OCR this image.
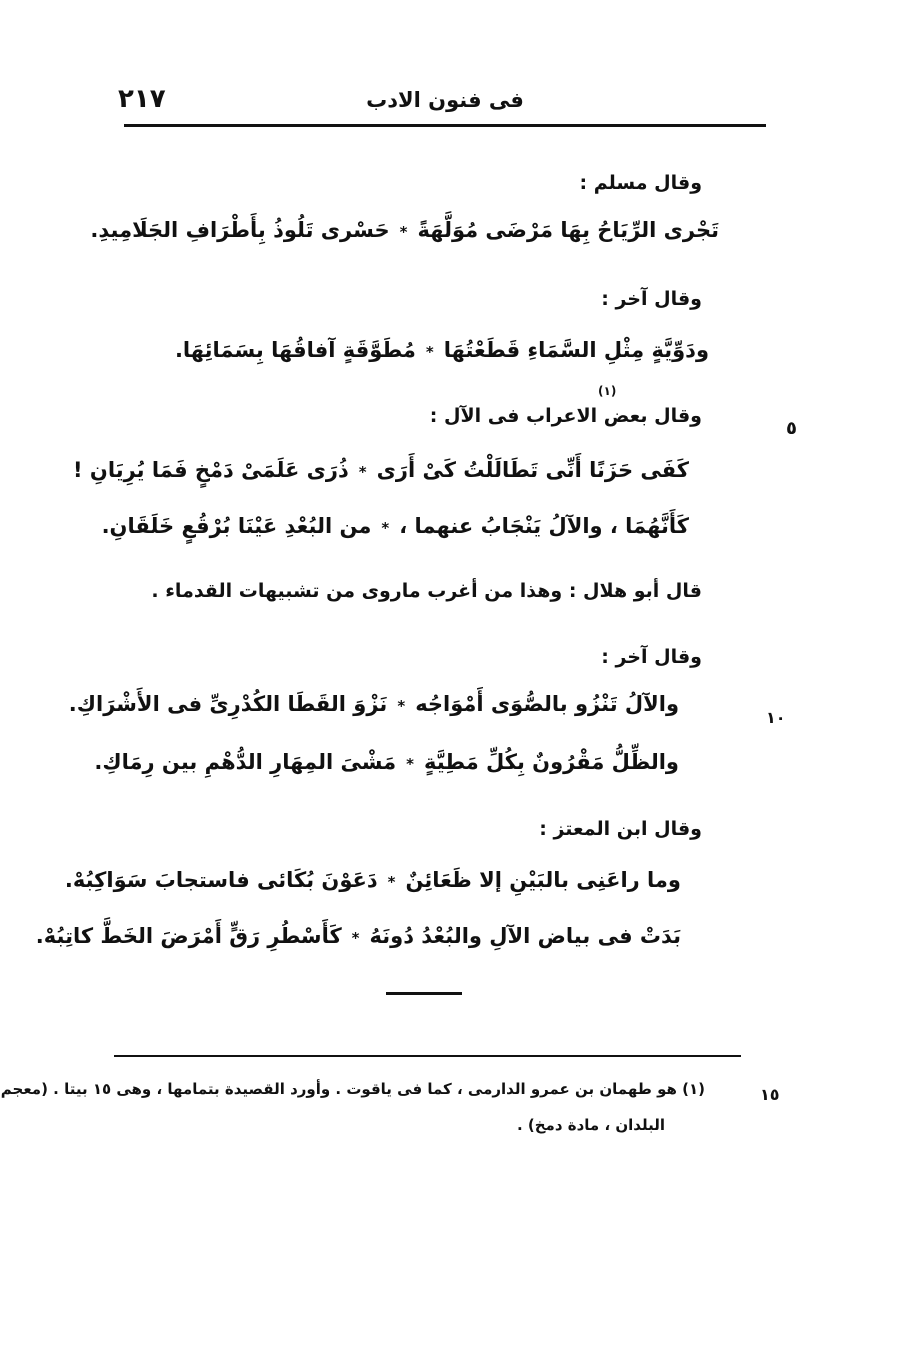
فى فنون الادب
٢١٧
وقال مسلم :
تَجْرى الرِّيَاحُ بِهَا مَرْضَى مُوَلَّهَةً*حَسْرى تَلُوذُ بِأَطْرَافِ الجَلَامِيدِ.
وقال آخر :
ودَوِّيَّةٍ مِثْلِ السَّمَاءِ قَطَعْتُهَا*مُطَوَّقَةٍ آفاقُهَا بِسَمَائِهَا.
(١)
وقال بعض الاعراب فى الآل :
٥
كَفَى حَزَنًا أَنِّى تَطَالَلْتُ كَىْ أَرَى*ذُرَى عَلَمَىْ دَمْخٍ فَمَا يُرِيَانِ !
كَأَنَّهُمَا ، والآلُ يَنْجَابُ عنهما ،*من البُعْدِ عَيْنَا بُرْقُعٍ خَلَقَانِ.
قال أبو هلال : وهذا من أغرب ماروى من تشبيهات القدماء .
وقال آخر :
والآلُ تَنْزُو بالصُّوَى أَمْوَاجُه*نَزْوَ القَطَا الكُدْرِىِّ فى الأَشْرَاكِ.
١٠
والظِّلُّ مَقْرُونٌ بِكُلِّ مَطِيَّةٍ*مَشْىَ المِهَارِ الدُّهْمِ بين رِمَاكِ.
وقال ابن المعتز :
وما راعَنِى بالبَيْنِ إلا ظَعَائِنٌ*دَعَوْنَ بُكَائى فاستجابَ سَوَاكِبُهْ.
بَدَتْ فى بياض الآلِ والبُعْدُ دُونَهُ*كَأَسْطُرِ رَقٍّ أَمْرَضَ الخَطَّ كاتِبُهْ.
١٥
(١) هو طهمان بن عمرو الدارمى ، كما فى ياقوت . وأورد القصيدة بتمامها ، وهى ١٥ بيتا . (معجم
البلدان ، مادة دمخ) .
